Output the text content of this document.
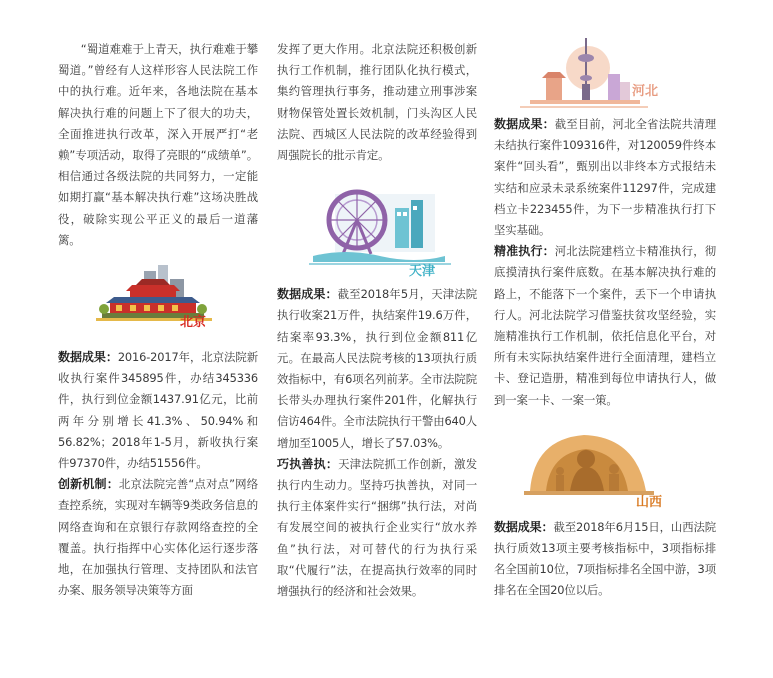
“蜀道难难于上青天，执行难难于攀蜀道。”曾经有人这样形容人民法院工作中的执行难。近年来，各地法院在基本解决执行难的问题上下了很大的功夫，全面推进执行改革，深入开展严打“老赖”专项活动，取得了亮眼的“成绩单”。相信通过各级法院的共同努力，一定能如期打赢“基本解决执行难”这场决胜战役，破除实现公平正义的最后一道藩篱。

北京

数据成果：2016-2017年，北京法院新收执行案件345895件，办结345336件，执行到位金额1437.91亿元，比前两年分别增长41.3%、50.94%和56.82%；2018年1-5月，新收执行案件97370件，办结51556件。

创新机制：北京法院完善“点对点”网络查控系统，实现对车辆等9类政务信息的网络查询和在京银行存款网络查控的全覆盖。执行指挥中心实体化运行逐步落地，在加强执行管理、支持团队和法官办案、服务领导决策等方面

发挥了更大作用。北京法院还积极创新执行工作机制，推行团队化执行模式，集约管理执行事务，推动建立刑事涉案财物保管处置长效机制，门头沟区人民法院、西城区人民法院的改革经验得到周强院长的批示肯定。

天津

数据成果：截至2018年5月，天津法院执行收案21万件，执结案件19.6万件，结案率93.3%，执行到位金额811亿元。在最高人民法院考核的13项执行质效指标中，有6项名列前茅。全市法院院长带头办理执行案件201件，化解执行信访464件。全市法院执行干警由640人增加至1005人，增长了57.03%。

巧执善执：天津法院抓工作创新，激发执行内生动力。坚持巧执善执，对同一执行主体案件实行“捆绑”执行法，对尚有发展空间的被执行企业实行“放水养鱼”执行法，对可替代的行为执行采取“代履行”法，在提高执行效率的同时增强执行的经济和社会效果。

河北

数据成果：截至目前，河北全省法院共清理未结执行案件109316件，对120059件终本案件“回头看”，甄别出以非终本方式报结未实结和应录未录系统案件11297件，完成建档立卡223455件，为下一步精准执行打下坚实基础。

精准执行：河北法院建档立卡精准执行，彻底摸清执行案件底数。在基本解决执行难的路上，不能落下一个案件，丢下一个申请执行人。河北法院学习借鉴扶贫攻坚经验，实施精准执行工作机制，依托信息化平台，对所有未实际执结案件进行全面清理，建档立卡、登记造册，精准到每位申请执行人，做到一案一卡、一案一策。

山西

数据成果：截至2018年6月15日，山西法院执行质效13项主要考核指标中，3项指标排名全国前10位，7项指标排名全国中游，3项排名在全国20位以后。
